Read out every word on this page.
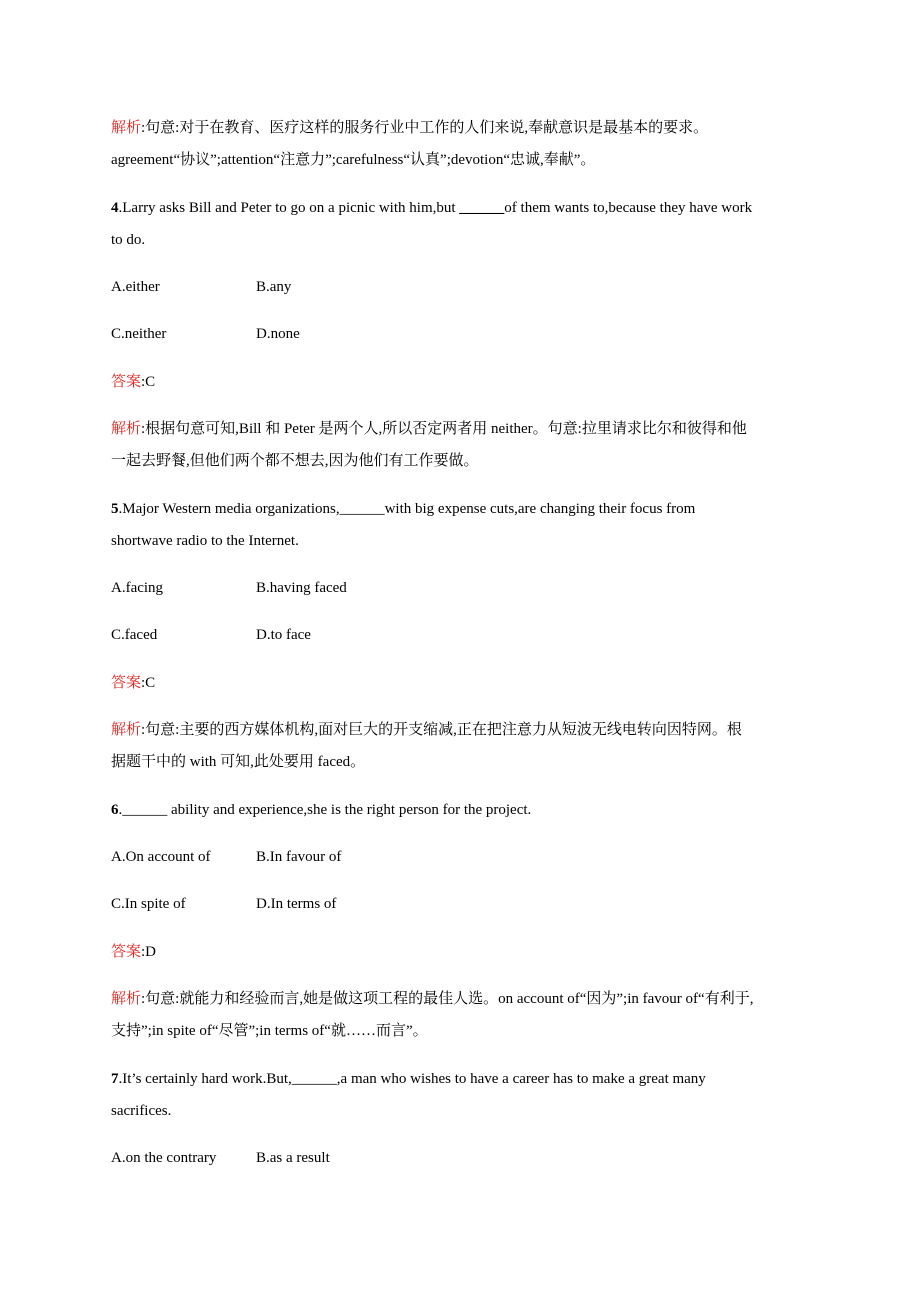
解析:句意:对于在教育、医疗这样的服务行业中工作的人们来说,奉献意识是最基本的要求。
agreement“协议”;attention“注意力”;carefulness“认真”;devotion“忠诚,奉献”。
4.Larry asks Bill and Peter to go on a picnic with him,but ______of them wants to,because they have work
to do.
A.either	B.any
C.neither	D.none
答案:C
解析:根据句意可知,Bill 和 Peter 是两个人,所以否定两者用 neither。句意:拉里请求比尔和彼得和他
一起去野餐,但他们两个都不想去,因为他们有工作要做。
5.Major Western media organizations,______with big expense cuts,are changing their focus from
shortwave radio to the Internet.
A.facing	B.having faced
C.faced	D.to face
答案:C
解析:句意:主要的西方媒体机构,面对巨大的开支缩减,正在把注意力从短波无线电转向因特网。根
据题干中的 with 可知,此处要用 faced。
6.______ ability and experience,she is the right person for the project.
A.On account of	B.In favour of
C.In spite of	D.In terms of
答案:D
解析:句意:就能力和经验而言,她是做这项工程的最佳人选。on account of“因为”;in favour of“有利于,
支持”;in spite of“尽管”;in terms of“就……而言”。
7.It’s certainly hard work.But,______,a man who wishes to have a career has to make a great many
sacrifices.
A.on the contrary	B.as a result
